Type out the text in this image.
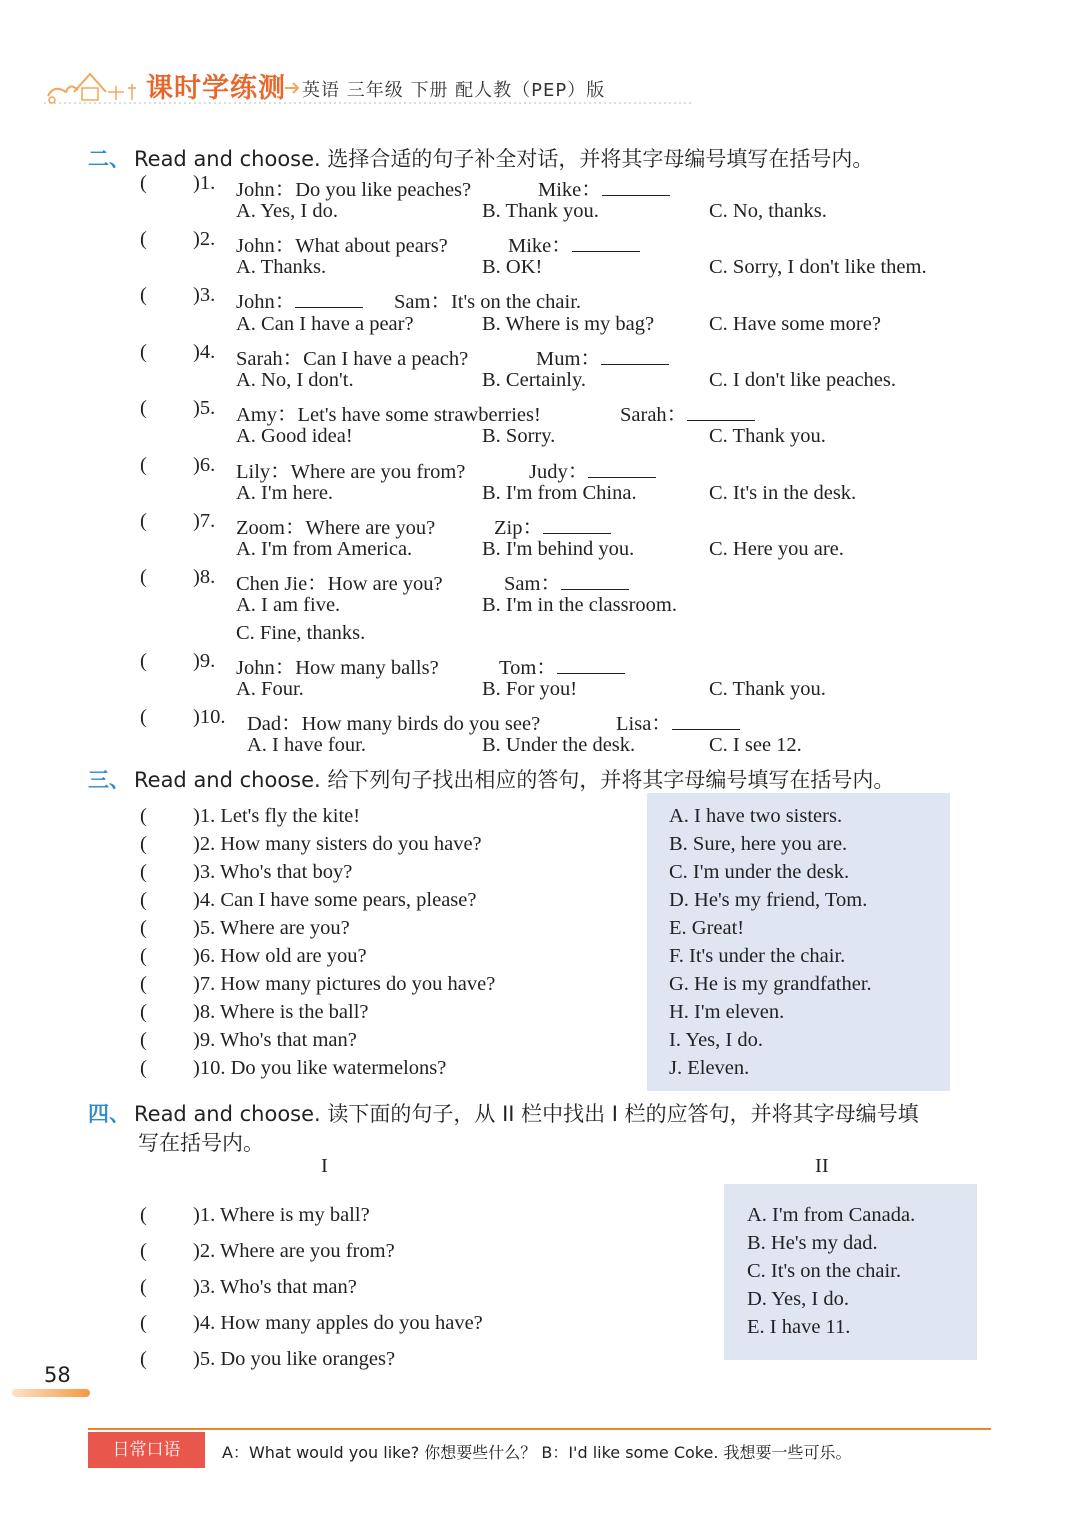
课时学练测 英语 三年级 下册 配人教（PEP）版
二、 Read and choose. 选择合适的句子补全对话，并将其字母编号填写在括号内。
( )1. John：Do you like peaches?	Mike：
A. Yes, I do.	B. Thank you.	C. No, thanks.
( )2. John：What about pears?	Mike：
A. Thanks.	B. OK!	C. Sorry, I don't like them.
( )3. John：	Sam：It's on the chair.
A. Can I have a pear?	B. Where is my bag?	C. Have some more?
( )4. Sarah：Can I have a peach?	Mum：
A. No, I don't.	B. Certainly.	C. I don't like peaches.
( )5. Amy：Let's have some strawberries!	Sarah：
A. Good idea!	B. Sorry.	C. Thank you.
( )6. Lily：Where are you from?	Judy：
A. I'm here.	B. I'm from China.	C. It's in the desk.
( )7. Zoom：Where are you?	Zip：
A. I'm from America.	B. I'm behind you.	C. Here you are.
( )8. Chen Jie：How are you?	Sam：
A. I am five.	B. I'm in the classroom.
C. Fine, thanks.
( )9. John：How many balls?	Tom：
A. Four.	B. For you!	C. Thank you.
( )10. Dad：How many birds do you see?	Lisa：
A. I have four.	B. Under the desk.	C. I see 12.
三、 Read and choose. 给下列句子找出相应的答句，并将其字母编号填写在括号内。
( )1. Let's fly the kite!
( )2. How many sisters do you have?
( )3. Who's that boy?
( )4. Can I have some pears, please?
( )5. Where are you?
( )6. How old are you?
( )7. How many pictures do you have?
( )8. Where is the ball?
( )9. Who's that man?
( )10. Do you like watermelons?
A. I have two sisters.
B. Sure, here you are.
C. I'm under the desk.
D. He's my friend, Tom.
E. Great!
F. It's under the chair.
G. He is my grandfather.
H. I'm eleven.
I. Yes, I do.
J. Eleven.
四、 Read and choose. 读下面的句子，从 II 栏中找出 I 栏的应答句，并将其字母编号填
写在括号内。
I	II
( )1. Where is my ball?
( )2. Where are you from?
( )3. Who's that man?
( )4. How many apples do you have?
( )5. Do you like oranges?
A. I'm from Canada.
B. He's my dad.
C. It's on the chair.
D. Yes, I do.
E. I have 11.
58
日常口语	A：What would you like? 你想要些什么？ B：I'd like some Coke. 我想要一些可乐。
